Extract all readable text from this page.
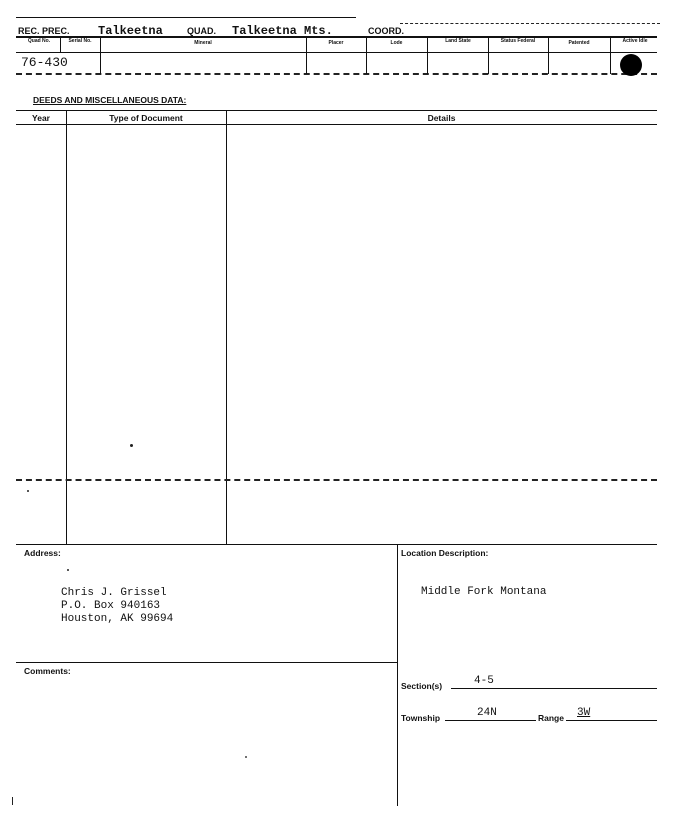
REC. PREC. Talkeetna	QUAD. Talkeetna Mts.	COORD.
Quad No.	Serial No.	Mineral	Placer	Lode	Land State	Status Federal	Patented	Active Idle
76-430
DEEDS AND MISCELLANEOUS DATA:
Year	Type of Document	Details
Address:
Chris J. Grissel
P.O. Box 940163
Houston, AK 99694
Location Description:
Middle Fork Montana
Comments:
Section(s)	4-5
Township	24N	Range 3W
